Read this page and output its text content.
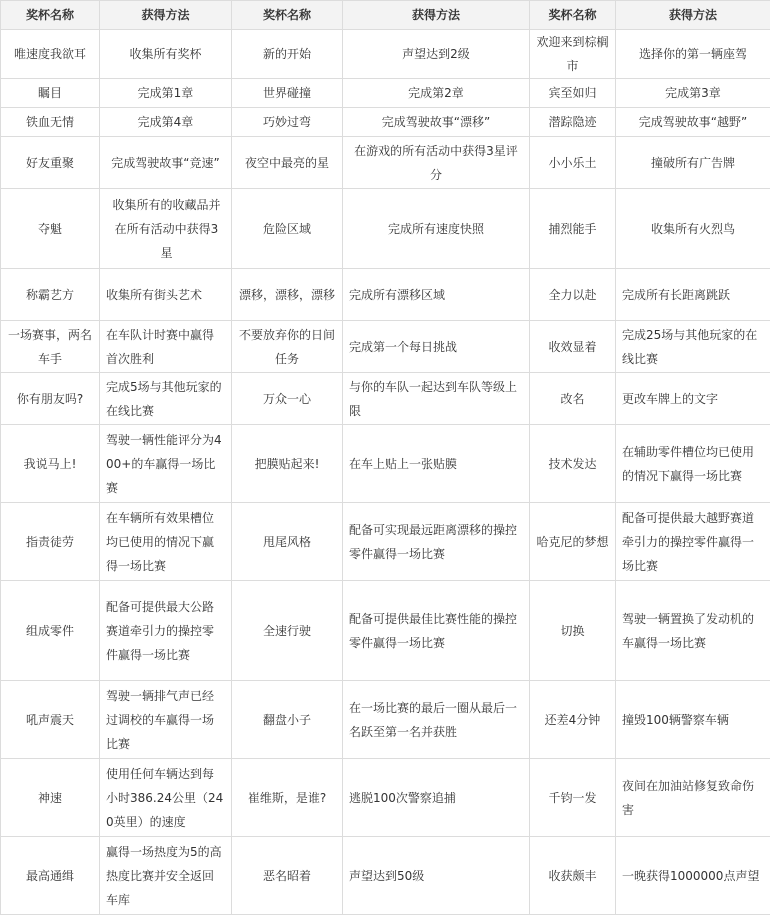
奖杯名称	获得方法	奖杯名称	获得方法	奖杯名称	获得方法
唯速度我欲耳	收集所有奖杯	新的开始	声望达到2级	欢迎来到棕榈市	选择你的第一辆座驾
瞩目	完成第1章	世界碰撞	完成第2章	宾至如归	完成第3章
铁血无情	完成第4章	巧妙过弯	完成驾驶故事“漂移”	潜踪隐迹	完成驾驶故事“越野”
好友重聚	完成驾驶故事“竞速”	夜空中最亮的星	在游戏的所有活动中获得3星评分	小小乐土	撞破所有广告牌
夺魁	收集所有的收藏品并在所有活动中获得3星	危险区域	完成所有速度快照	捕烈能手	收集所有火烈鸟
称霸艺方	收集所有街头艺术	漂移，漂移，漂移	完成所有漂移区域	全力以赴	完成所有长距离跳跃
一场赛事，两名车手	在车队计时赛中赢得首次胜利	不要放弃你的日间任务	完成第一个每日挑战	收效显着	完成25场与其他玩家的在线比赛
你有朋友吗?	完成5场与其他玩家的在线比赛	万众一心	与你的车队一起达到车队等级上限	改名	更改车牌上的文字
我说马上!	驾驶一辆性能评分为400+的车赢得一场比赛	把膜贴起来!	在车上贴上一张贴膜	技术发达	在辅助零件槽位均已使用的情况下赢得一场比赛
指责徒劳	在车辆所有效果槽位均已使用的情况下赢得一场比赛	甩尾风格	配备可实现最远距离漂移的操控零件赢得一场比赛	哈克尼的梦想	配备可提供最大越野赛道牵引力的操控零件赢得一场比赛
组成零件	配备可提供最大公路赛道牵引力的操控零件赢得一场比赛	全速行驶	配备可提供最佳比赛性能的操控零件赢得一场比赛	切换	驾驶一辆置换了发动机的车赢得一场比赛
吼声震天	驾驶一辆排气声已经过调校的车赢得一场比赛	翻盘小子	在一场比赛的最后一圈从最后一名跃至第一名并获胜	还差4分钟	撞毁100辆警察车辆
神速	使用任何车辆达到每小时386.24公里（240英里）的速度	崔维斯，是谁?	逃脱100次警察追捕	千钧一发	夜间在加油站修复致命伤害
最高通缉	赢得一场热度为5的高热度比赛并安全返回车库	恶名昭着	声望达到50级	收获颇丰	一晚获得1000000点声望
